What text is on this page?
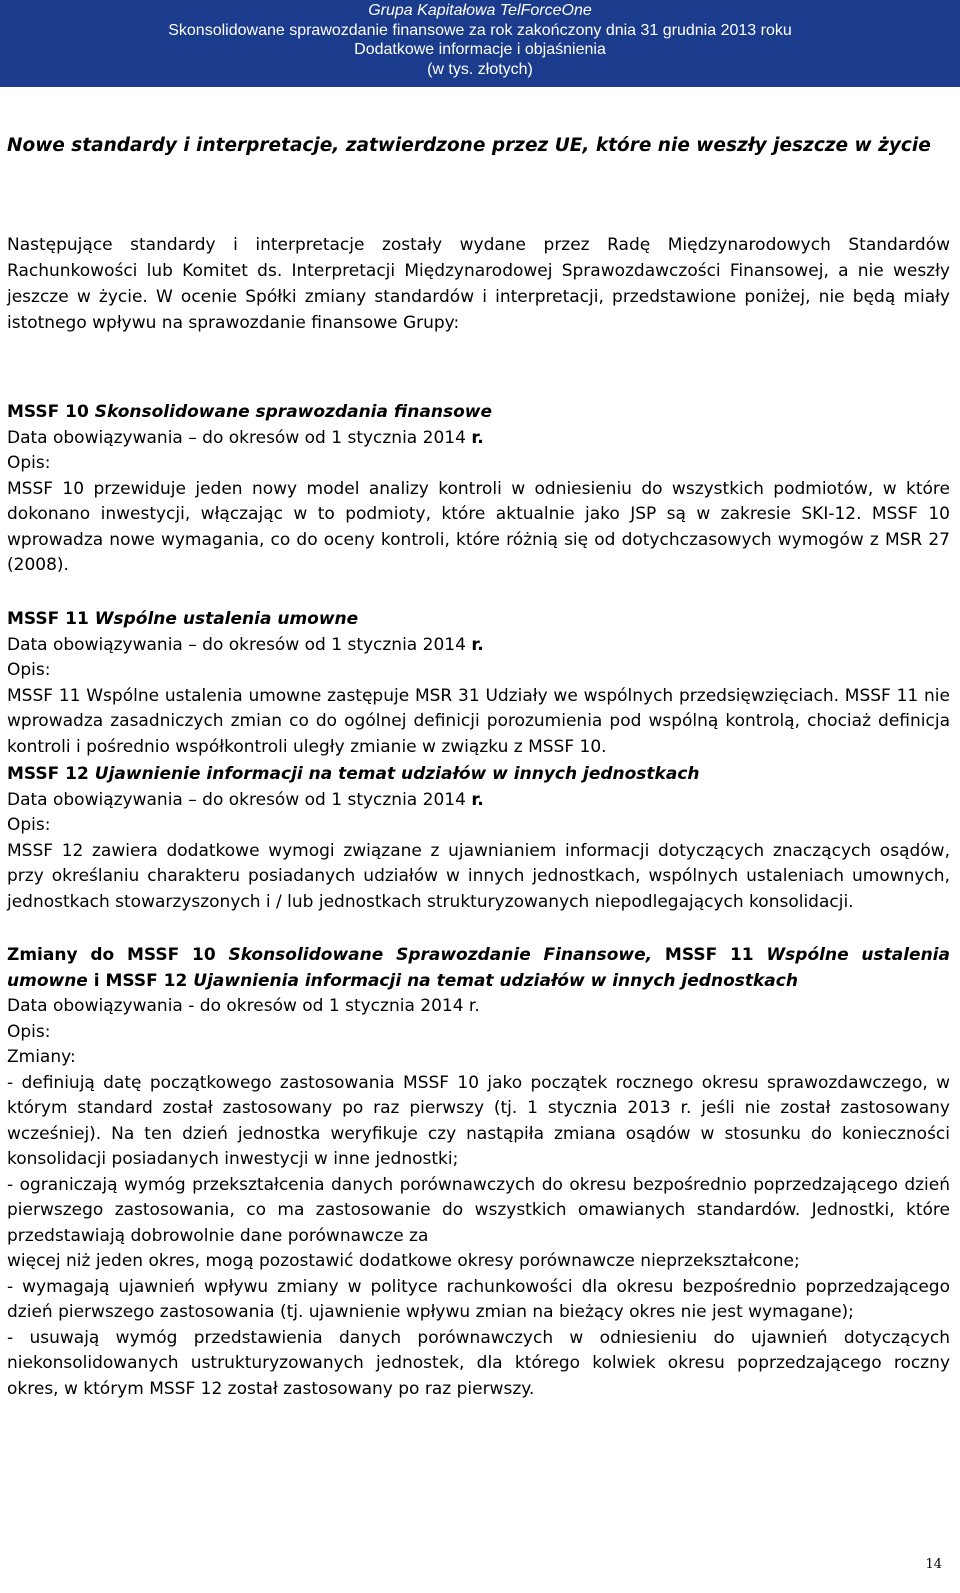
Grupa Kapitałowa TelForceOne
Skonsolidowane sprawozdanie finansowe za rok zakończony dnia 31 grudnia 2013 roku
Dodatkowe informacje i objaśnienia
(w tys. złotych)

Nowe standardy i interpretacje, zatwierdzone przez UE, które nie weszły jeszcze w życie

Następujące standardy i interpretacje zostały wydane przez Radę Międzynarodowych Standardów Rachunkowości lub Komitet ds. Interpretacji Międzynarodowej Sprawozdawczości Finansowej, a nie weszły jeszcze w życie. W ocenie Spółki zmiany standardów i interpretacji, przedstawione poniżej, nie będą miały istotnego wpływu na sprawozdanie finansowe Grupy:

MSSF 10 Skonsolidowane sprawozdania finansowe
Data obowiązywania – do okresów od 1 stycznia 2014 r.
Opis:
MSSF 10 przewiduje jeden nowy model analizy kontroli w odniesieniu do wszystkich podmiotów, w które dokonano inwestycji, włączając w to podmioty, które aktualnie jako JSP są w zakresie SKI-12. MSSF 10 wprowadza nowe wymagania, co do oceny kontroli, które różnią się od dotychczasowych wymogów z MSR 27 (2008).
MSSF 11 Wspólne ustalenia umowne
Data obowiązywania – do okresów od 1 stycznia 2014 r.
Opis:
MSSF 11 Wspólne ustalenia umowne zastępuje MSR 31 Udziały we wspólnych przedsięwzięciach. MSSF 11 nie wprowadza zasadniczych zmian co do ogólnej definicji porozumienia pod wspólną kontrolą, chociaż definicja kontroli i pośrednio współkontroli uległy zmianie w związku z MSSF 10.
MSSF 12 Ujawnienie informacji na temat udziałów w innych jednostkach
Data obowiązywania – do okresów od 1 stycznia 2014 r.
Opis:
MSSF 12 zawiera dodatkowe wymogi związane z ujawnianiem informacji dotyczących znaczących osądów, przy określaniu charakteru posiadanych udziałów w innych jednostkach, wspólnych ustaleniach umownych, jednostkach stowarzyszonych i / lub jednostkach strukturyzowanych niepodlegających konsolidacji.
Zmiany do MSSF 10 Skonsolidowane Sprawozdanie Finansowe, MSSF 11 Wspólne ustalenia umowne i MSSF 12 Ujawnienia informacji na temat udziałów w innych jednostkach
Data obowiązywania - do okresów od 1 stycznia 2014 r.
Opis:
Zmiany:
- definiują datę początkowego zastosowania MSSF 10 jako początek rocznego okresu sprawozdawczego, w którym standard został zastosowany po raz pierwszy (tj. 1 stycznia 2013 r. jeśli nie został zastosowany wcześniej). Na ten dzień jednostka weryfikuje czy nastąpiła zmiana osądów w stosunku do konieczności konsolidacji posiadanych inwestycji w inne jednostki;
- ograniczają wymóg przekształcenia danych porównawczych do okresu bezpośrednio poprzedzającego dzień pierwszego zastosowania, co ma zastosowanie do wszystkich omawianych standardów. Jednostki, które przedstawiają dobrowolnie dane porównawcze za
więcej niż jeden okres, mogą pozostawić dodatkowe okresy porównawcze nieprzekształcone;
- wymagają ujawnień wpływu zmiany w polityce rachunkowości dla okresu bezpośrednio poprzedzającego dzień pierwszego zastosowania (tj. ujawnienie wpływu zmian na bieżący okres nie jest wymagane);
- usuwają wymóg przedstawienia danych porównawczych w odniesieniu do ujawnień dotyczących niekonsolidowanych ustrukturyzowanych jednostek, dla którego kolwiek okresu poprzedzającego roczny okres, w którym MSSF 12 został zastosowany po raz pierwszy.
14
